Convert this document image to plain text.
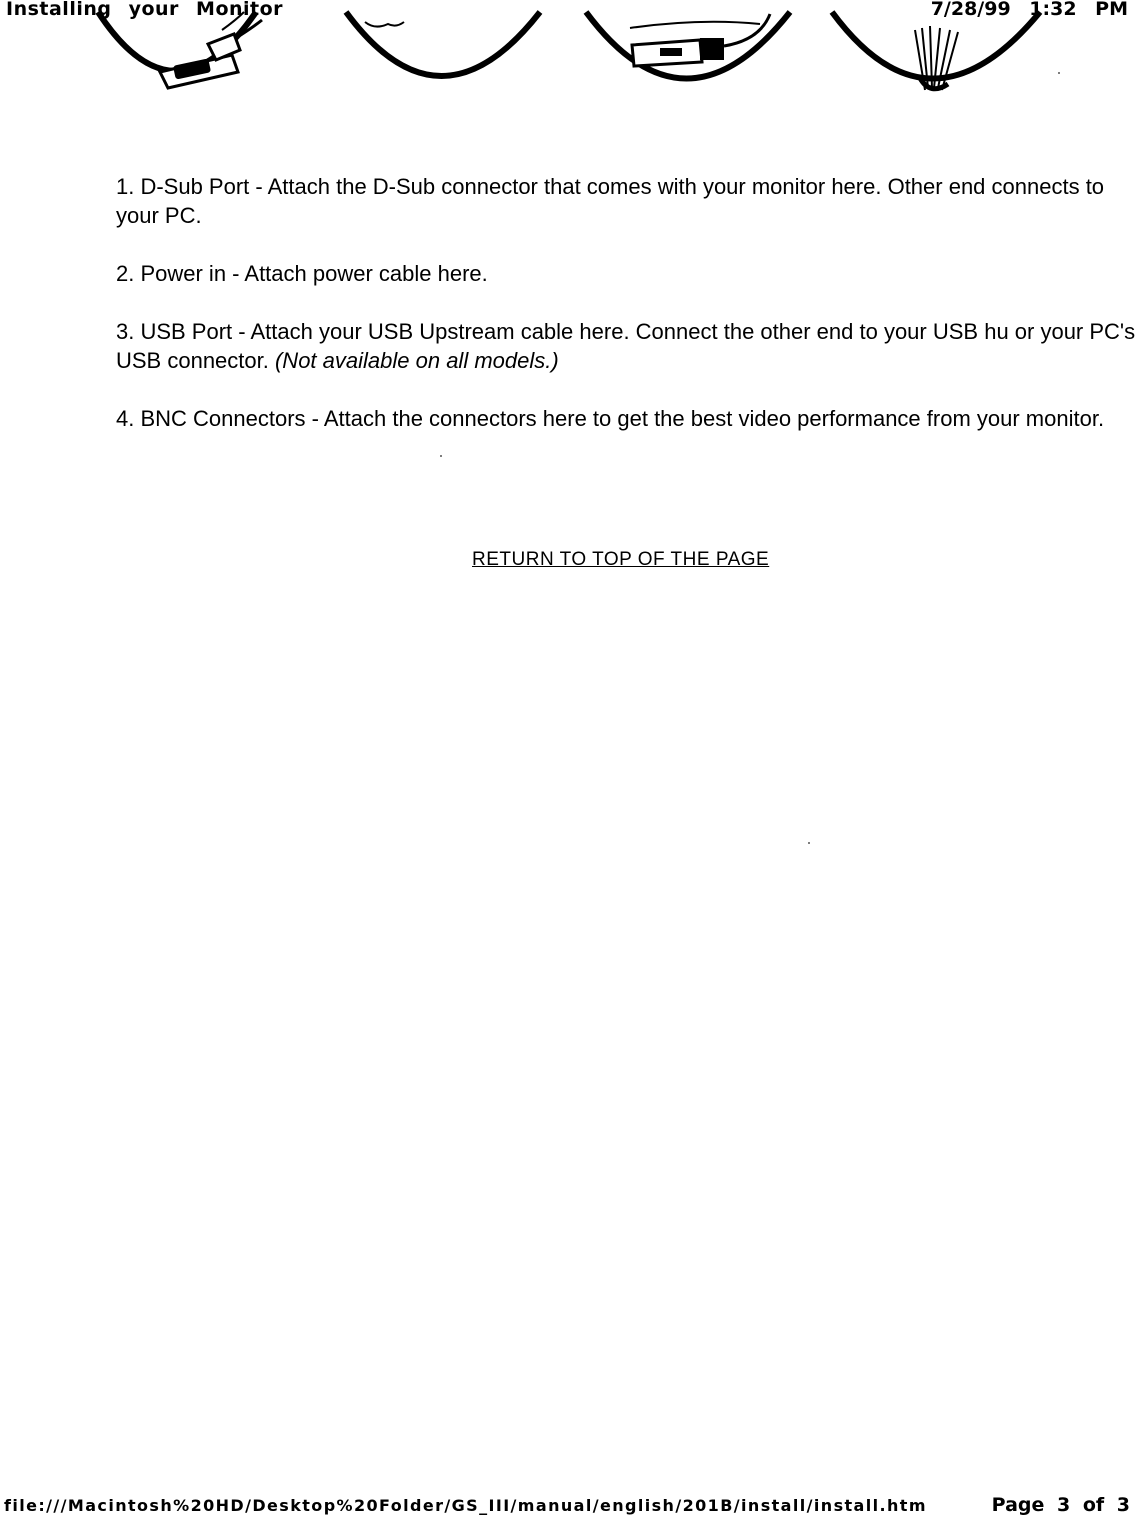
Installing your Monitor	7/28/99 1:32 PM

1. D-Sub Port - Attach the D-Sub connector that comes with your monitor here. Other end connects to your PC.

2. Power in - Attach power cable here.

3. USB Port - Attach your USB Upstream cable here. Connect the other end to your USB hu or your PC's USB connector. (Not available on all models.)

4. BNC Connectors - Attach the connectors here to get the best video performance from your monitor.

RETURN TO TOP OF THE PAGE
file:///Macintosh%20HD/Desktop%20Folder/GS_III/manual/english/201B/install/install.htm	Page 3 of 3
